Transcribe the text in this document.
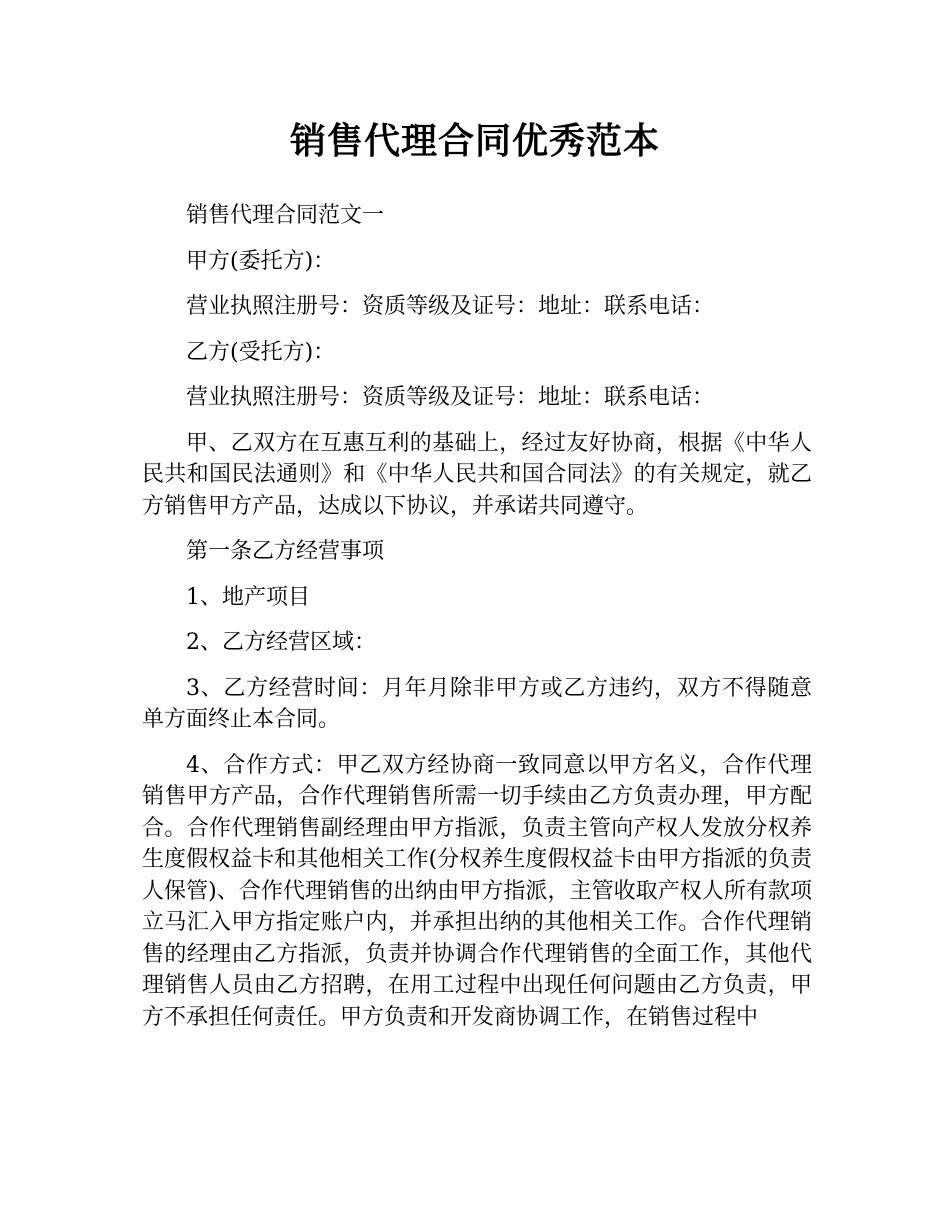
销售代理合同优秀范本

销售代理合同范文一

甲方(委托方)：

营业执照注册号：资质等级及证号：地址：联系电话：

乙方(受托方)：

营业执照注册号：资质等级及证号：地址：联系电话：

甲、乙双方在互惠互利的基础上，经过友好协商，根据《中华人民共和国民法通则》和《中华人民共和国合同法》的有关规定，就乙方销售甲方产品，达成以下协议，并承诺共同遵守。

第一条乙方经营事项

1、地产项目

2、乙方经营区域：

3、乙方经营时间：月年月除非甲方或乙方违约，双方不得随意单方面终止本合同。

4、合作方式：甲乙双方经协商一致同意以甲方名义，合作代理销售甲方产品，合作代理销售所需一切手续由乙方负责办理，甲方配合。合作代理销售副经理由甲方指派，负责主管向产权人发放分权养生度假权益卡和其他相关工作(分权养生度假权益卡由甲方指派的负责人保管)、合作代理销售的出纳由甲方指派，主管收取产权人所有款项立马汇入甲方指定账户内，并承担出纳的其他相关工作。合作代理销售的经理由乙方指派，负责并协调合作代理销售的全面工作，其他代理销售人员由乙方招聘，在用工过程中出现任何问题由乙方负责，甲方不承担任何责任。甲方负责和开发商协调工作，在销售过程中
